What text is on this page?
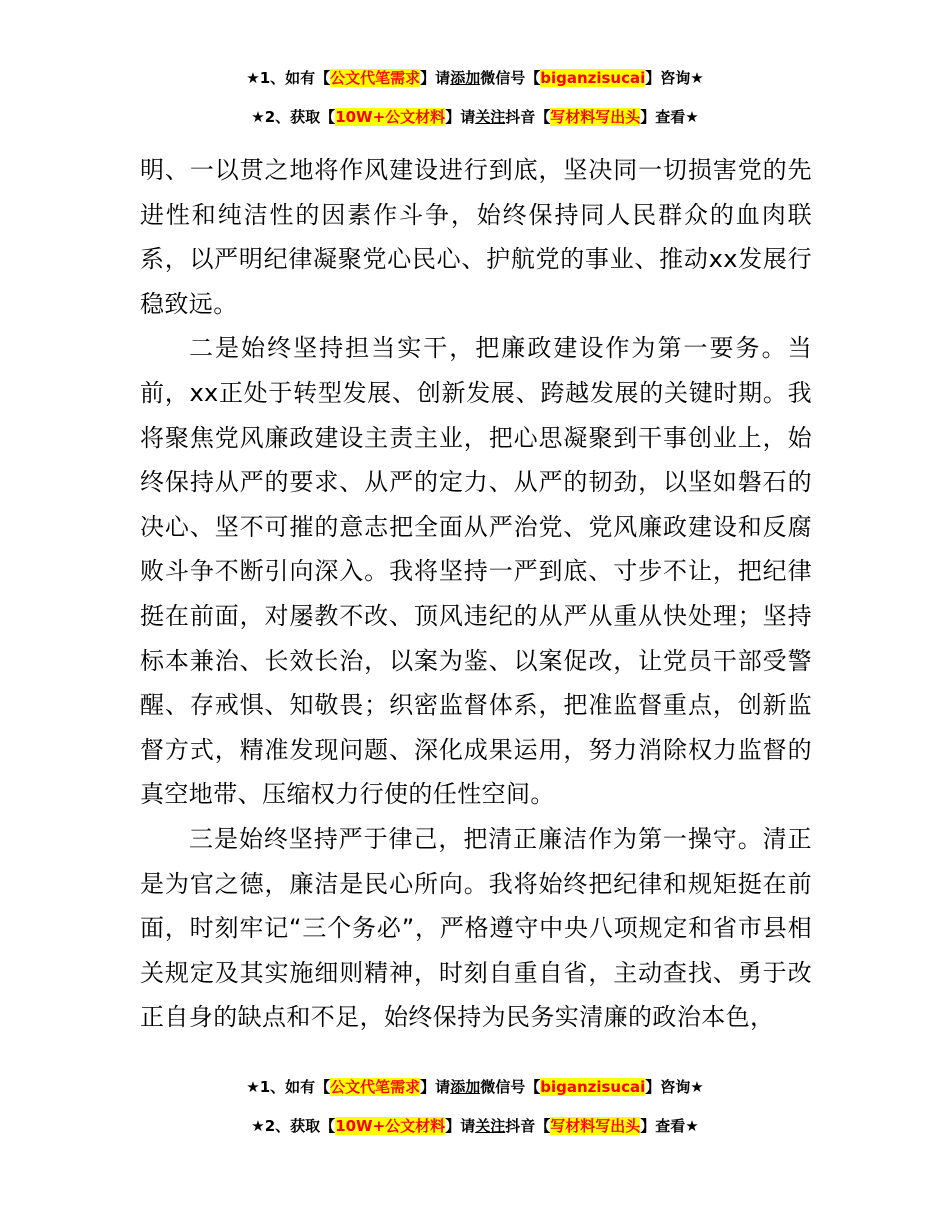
★1、如有【公文代笔需求】请添加微信号【biganzisucai】咨询★
★2、获取【10W+公文材料】请关注抖音【写材料写出头】查看★

明、一以贯之地将作风建设进行到底，坚决同一切损害党的先进性和纯洁性的因素作斗争，始终保持同人民群众的血肉联系，以严明纪律凝聚党心民心、护航党的事业、推动xx发展行稳致远。

二是始终坚持担当实干，把廉政建设作为第一要务。当前，xx正处于转型发展、创新发展、跨越发展的关键时期。我将聚焦党风廉政建设主责主业，把心思凝聚到干事创业上，始终保持从严的要求、从严的定力、从严的韧劲，以坚如磐石的决心、坚不可摧的意志把全面从严治党、党风廉政建设和反腐败斗争不断引向深入。我将坚持一严到底、寸步不让，把纪律挺在前面，对屡教不改、顶风违纪的从严从重从快处理；坚持标本兼治、长效长治，以案为鉴、以案促改，让党员干部受警醒、存戒惧、知敬畏；织密监督体系，把准监督重点，创新监督方式，精准发现问题、深化成果运用，努力消除权力监督的真空地带、压缩权力行使的任性空间。

三是始终坚持严于律己，把清正廉洁作为第一操守。清正是为官之德，廉洁是民心所向。我将始终把纪律和规矩挺在前面，时刻牢记“三个务必”，严格遵守中央八项规定和省市县相关规定及其实施细则精神，时刻自重自省，主动查找、勇于改正自身的缺点和不足，始终保持为民务实清廉的政治本色，

★1、如有【公文代笔需求】请添加微信号【biganzisucai】咨询★
★2、获取【10W+公文材料】请关注抖音【写材料写出头】查看★
